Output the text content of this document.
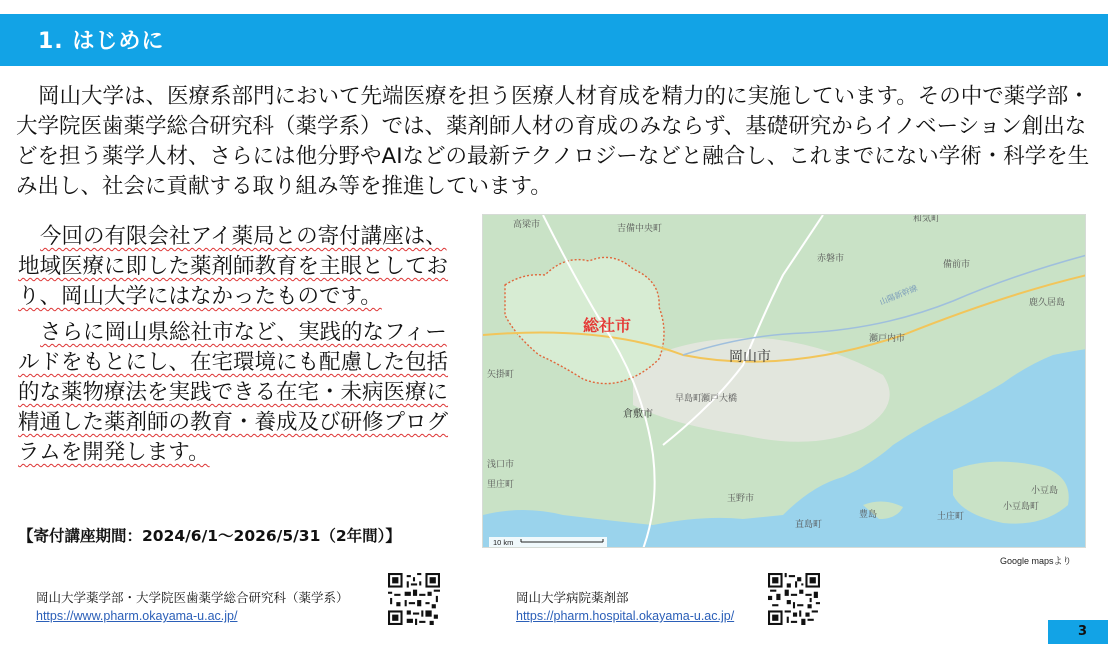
1. はじめに

岡山大学は、医療系部門において先端医療を担う医療人材育成を精力的に実施しています。その中で薬学部・大学院医歯薬学総合研究科（薬学系）では、薬剤師人材の育成のみならず、基礎研究からイノベーション創出などを担う薬学人材、さらには他分野やAIなどの最新テクノロジーなどと融合し、これまでにない学術・科学を生み出し、社会に貢献する取り組み等を推進しています。

今回の有限会社アイ薬局との寄付講座は、地域医療に即した薬剤師教育を主眼としており、岡山大学にはなかったものです。

さらに岡山県総社市など、実践的なフィールドをもとにし、在宅環境にも配慮した包括的な薬物療法を実践できる在宅・未病医療に精通した薬剤師の教育・養成及び研修プログラムを開発します。

【寄付講座期間：2024/6/1〜2026/5/31（2年間）】
総社市
岡山市
倉敷市
高梁市
赤磐市
備前市
和気町
瀬戸内市
鹿久居島
矢掛町
早島町
瀬戸大橋
浅口市
里庄町
玉野市
直島町
豊島	土庄町
小豆島町
小豆島
吉備中央町
山陽新幹線
10 km
Google mapsより
岡山大学薬学部・大学院医歯薬学総合研究科（薬学系）
https://www.pharm.okayama-u.ac.jp/
岡山大学病院薬剤部
https://pharm.hospital.okayama-u.ac.jp/
3
